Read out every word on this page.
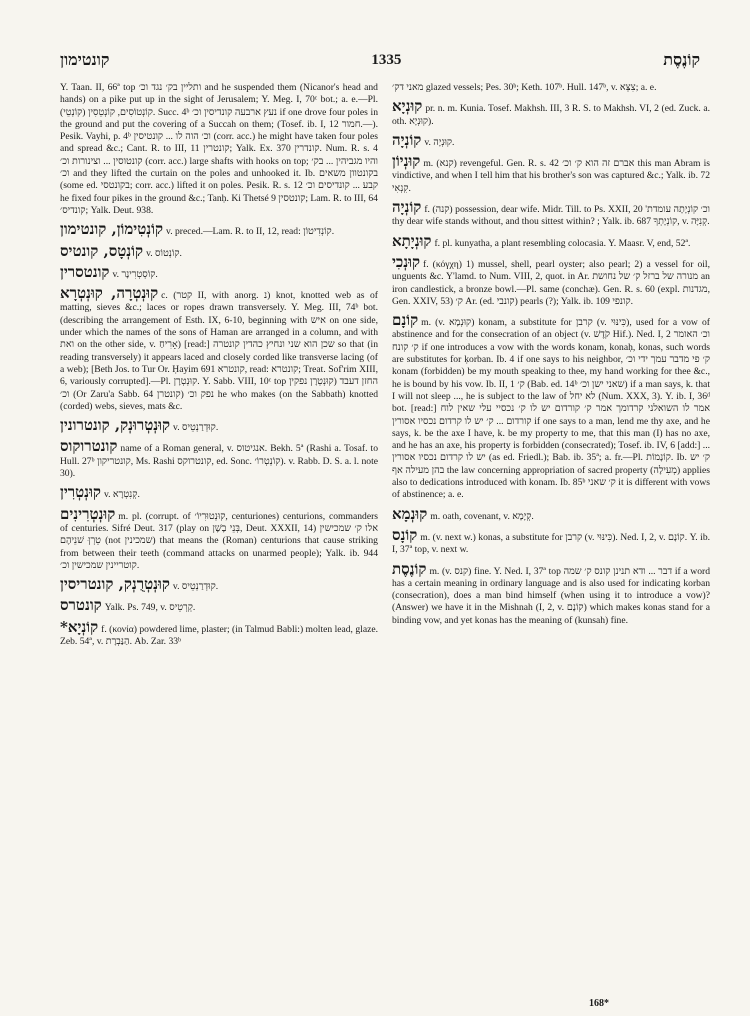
קונטימון	1335	קוֹנֶסֶת

Y. Taan. II, 66ª top ותליין בק׳ נגד וכ׳ and he suspended them (Nicanor's head and hands) on a pike put up in the sight of Jerusalem; Y. Meg. I, 70ᶜ bot.; a. e.—Pl. קוֹנְטוֹסִים, קוֹנְטֵסִין (קוֹנְטֵי). Succ. 4ᵇ נעץ ארבעה קונדיסין וכ׳ if one drove four poles in the ground and put the covering of a Succah on them; (Tosef. ib. I, 12 חמור.—). Pesik. Vayhi, p. 4ᵇ וכ׳ הוה לו ... קונטיסין (corr. acc.) he might have taken four poles and spread &c.; Cant. R. to III, 11 קונטרין; Yalk. Ex. 370 קונדרין. Num. R. s. 4 קונטוסין ... וצינורות וכ׳ (corr. acc.) large shafts with hooks on top; והיו מגביהין ... בק׳ וכ׳ and they lifted the curtain on the poles and unhooked it. Ib. בקונטוון משאים (some ed. בקונטסי; corr. acc.) lifted it on poles. Pesik. R. s. 12 קבע ... קונדיסים וכ׳ he fixed four pikes in the ground &c.; Tanḥ. Ki Thetsé 9 קונטסין; Lam. R. to III, 64 קונדיס׳; Yalk. Deut. 938.

קוֹנְטִימוֹן, קונטימון v. preced.—Lam. R. to II, 12, read: קוֹנְדִיטוֹן.

קוֹנְטָס, קונטיס v. קוֹנְטוֹס.

קונטסרין v. קוֹסְטְרִינָר.

קוּנְטְרָה, קוּנְטְרָא c. (קטר II, with anorg. נ) knot, knotted web as of matting, sieves &c.; laces or ropes drawn transversely. Y. Meg. III, 74ᵇ bot. (describing the arrangement of Esth. IX, 6-10, beginning with איש on one side, under which the names of the sons of Haman are arranged in a column, and with ואת on the other side, v. אָרִיחַ) [read:] שכן הוא שני ונחיץ כהדין קונטרה so that (in reading transversely) it appears laced and closely corded like transverse lacing (of a web); [Beth Jos. to Tur Or. Ḥayim 691 קונטרא, read: קונטרא; Treat. Sof'rim XIII, 6, variously corrupted].—Pl. קוּנְטְרָן. Y. Sabb. VIII, 10ᶜ top החזן דעבד (קוּנְטְרָן נפקין וכ׳ (Or Zaru'a Sabb. 64 קונטרן) נפק וכ׳ he who makes (on the Sabbath) knotted (corded) webs, sieves, mats &c.

קוּנְטְרוּנְק, קונטרונין v. קוּדְרַנְטֵיס.

קונטרוקוס name of a Roman general, v. אנגיטוס. Bekh. 5ª (Rashi a. Tosaf. to Hull. 27ᵇ קונטריקון, Ms. Rashi קונטרוקס, ed. Sonc. קוֹנְטְרוֹ׳). v. Rabb. D. S. a. l. note 30).

קוּנְטְרִין v. קְנִטְרָא.

קוּנְטְרִינִים m. pl. (corrupt. of קוּנְטוּרִיוֹ׳, centuriones) centurions, commanders of centuries. Sifré Deut. 317 (play on בְּנֵי בָשָׁן, Deut. XXXII, 14) אלו ק׳ שמכישין טֵרְןּ שׁנֵיהֶם (not שמכינין) that means the (Roman) centurions that cause striking from between their teeth (command attacks on unarmed people); Yalk. ib. 944 קוטריינין שמכישין וכ׳.

קוּנְטְרֻנְק, קונטריסין v. קוּדְרַנְטֵיס.

קונטרס Yalk. Ps. 749, v. קְרְטֵיס.

*קוֹנְיָא f. (κονία) powdered lime, plaster; (in Talmud Babli:) molten lead, glaze. Zeb. 54ª, v. הַנַּבְרָת. Ab. Zar. 33ᵇ

מאני דק׳ glazed vessels; Pes. 30ᵇ; Keth. 107ᵇ. Hull. 147ᵇ, v. צִצְּא; a. e.

קוּנְיָא pr. n. m. Kunia. Tosef. Makhsh. III, 3 R. S. to Makhsh. VI, 2 (ed. Zuck. a. oth. קוּנְיָא).

קוֹנְיָה v. קוּנְיָה.

קוּנְיוֹן m. (קנא) revengeful. Gen. R. s. 42 אברם זה הוא ק׳ וכ׳ this man Abram is vindictive, and when I tell him that his brother's son was captured &c.; Yalk. ib. 72 קִנְאִי.

קוֹנְיָה f. (קנה) possession, dear wife. Midr. Till. to Ps. XXII, 20 'וכ׳ קוֹנְיָתָה עומדת thy dear wife stands without, and thou sittest within? ; Yalk. ib. 687 קוֹנְיָתְךָ, v. קְנִיָּה.

קוּנְיָתָא f. pl. kunyatha, a plant resembling colocasia. Y. Maasr. V, end, 52ª.

קוּנְכִי f. (κόγχη) 1) mussel, shell, pearl oyster; also pearl; 2) a vessel for oil, unguents &c. Y'lamd. to Num. VIII, 2, quot. in Ar. מנורה של ברזל ק׳ של נחושת an iron candlestick, a bronze bowl.—Pl. same (conchæ). Gen. R. s. 60 (expl. מגדנות, Gen. XXIV, 53) ק׳ Ar. (ed. קונבי) pearls (?); Yalk. ib. 109 קונפי.

קוֹנָם m. (v. קוּנְמָא) konam, a substitute for קרבן (v. כִּינּוּי), used for a vow of abstinence and for the consecration of an object (v. קֹדֶשׁ Hif.). Ned. I, 2 וכ׳ האומר ק׳ קונח if one introduces a vow with the words konam, konaḥ, konas, such words are substitutes for ḳorban. Ib. 4 if one says to his neighbor, ק׳ פי מדבר עמך ידי וכ׳ konam (forbidden) be my mouth speaking to thee, my hand working for thee &c., he is bound by his vow. Ib. II, 1 ק׳ (Bab. ed. 14ᵇ שאני ישן וכ׳) if a man says, k. that I will not sleep ..., he is subject to the law of לא יחל (Num. XXX, 3). Y. ib. I, 36ᵈ bot. [read:] אמר לו השואלני קרדומך אמר ק׳ קורדום יש לו ק׳ נכסיי עלי שאין לוח קורדום ... ק׳ יש לו קרדום נכסיו אסורין if one says to a man, lend me thy axe, and he says, k. be the axe I have, k. be my property to me, that this man (I) has no axe, and he has an axe, his property is forbidden (consecrated); Tosef. ib. IV, 6 [add:] ... יש לו קרדום נכסיו אסורין (as ed. Friedl.); Bab. ib. 35ª; a. fr.—Pl. קוֹנָמוֹת. Ib. ק׳ יש בהן מעילה אף the law concerning appropriation of sacred property (מְעִילָה) applies also to dedications introduced with konam. Ib. 85ᵇ ק׳ שאני it is different with vows of abstinence; a. e.

קוּנְמָא m. oath, covenant, v. קְיָמָא.

קוֹנָס m. (v. next w.) konas, a substitute for קרבן (v. כִּינּוּי). Ned. I, 2, v. קוֹנָם. Y. ib. I, 37ª top, v. next w.

קוֹנֶסֶת m. (v. קנס) fine. Y. Ned. I, 37ª top דבר ... ודא תנינן קונס ק׳ שמה if a word has a certain meaning in ordinary language and is also used for indicating korban (consecration), does a man bind himself (when using it to introduce a vow)? (Answer) we have it in the Mishnah (I, 2, v. קוֹנָם) which makes konas stand for a binding vow, and yet konas has the meaning of (kunsah) fine.

168*
